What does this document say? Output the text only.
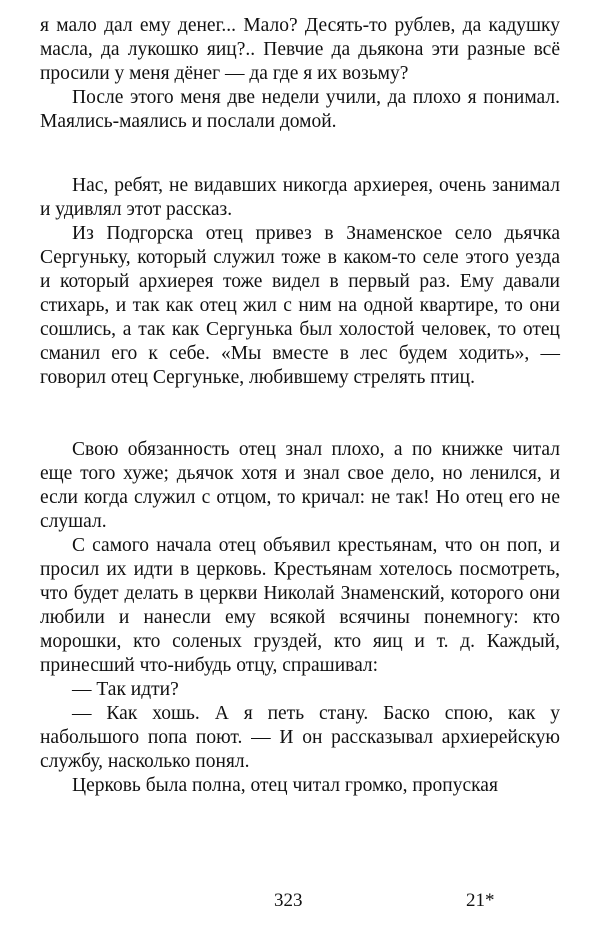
я мало дал ему денег... Мало? Десять-то рублев, да кадушку масла, да лукошко яиц?.. Певчие да дьякона эти разные всё просили у меня дёнег — да где я их возьму?

После этого меня две недели учили, да плохо я понимал. Маялись-маялись и послали домой.

Нас, ребят, не видавших никогда архиерея, очень занимал и удивлял этот рассказ.

Из Подгорска отец привез в Знаменское село дьячка Сергуньку, который служил тоже в каком-то селе этого уезда и который архиерея тоже видел в первый раз. Ему давали стихарь, и так как отец жил с ним на одной квартире, то они сошлись, а так как Сергунька был холостой человек, то отец сманил его к себе. «Мы вместе в лес будем ходить», — говорил отец Сергуньке, любившему стрелять птиц.

Свою обязанность отец знал плохо, а по книжке читал еще того хуже; дьячок хотя и знал свое дело, но ленился, и если когда служил с отцом, то кричал: не так! Но отец его не слушал.

С самого начала отец объявил крестьянам, что он поп, и просил их идти в церковь. Крестьянам хотелось посмотреть, что будет делать в церкви Николай Знаменский, которого они любили и нанесли ему всякой всячины понемногу: кто морошки, кто соленых груздей, кто яиц и т. д. Каждый, принесший что-нибудь отцу, спрашивал:

— Так идти?

— Как хошь. А я петь стану. Баско спою, как у набольшого попа поют. — И он рассказывал архиерейскую службу, насколько понял.

Церковь была полна, отец читал громко, пропуская

323	21*
